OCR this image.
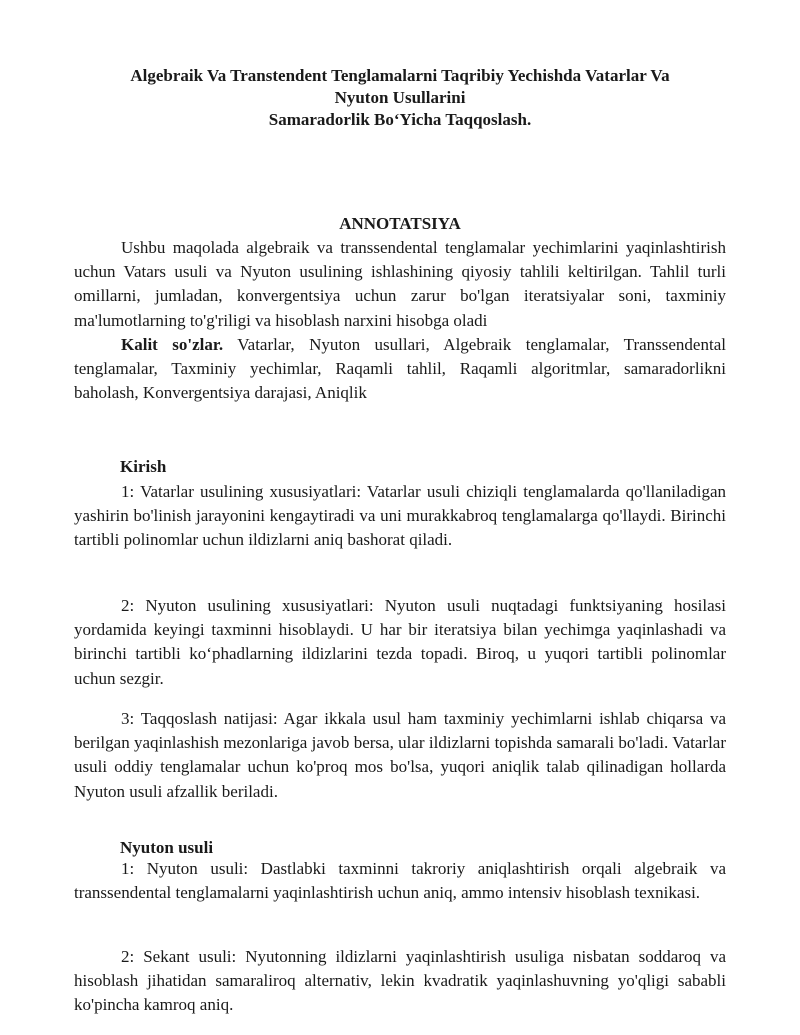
Algebraik Va Transtendent Tenglamalarni Taqribiy Yechishda Vatarlar Va
Nyuton Usullarini
Samaradorlik Bo‘Yicha Taqqoslash.
ANNOTATSIYA

Ushbu maqolada algebraik va transsendental tenglamalar yechimlarini yaqinlashtirish uchun Vatars usuli va Nyuton usulining ishlashining qiyosiy tahlili keltirilgan. Tahlil turli omillarni, jumladan, konvergentsiya uchun zarur bo'lgan iteratsiyalar soni, taxminiy ma'lumotlarning to'g'riligi va hisoblash narxini hisobga oladi

Kalit so'zlar. Vatarlar, Nyuton usullari, Algebraik tenglamalar, Transsendental tenglamalar, Taxminiy yechimlar, Raqamli tahlil, Raqamli algoritmlar, samaradorlikni baholash, Konvergentsiya darajasi, Aniqlik

Kirish

1: Vatarlar usulining xususiyatlari: Vatarlar usuli chiziqli tenglamalarda qo'llaniladigan yashirin bo'linish jarayonini kengaytiradi va uni murakkabroq tenglamalarga qo'llaydi. Birinchi tartibli polinomlar uchun ildizlarni aniq bashorat qiladi.

2: Nyuton usulining xususiyatlari: Nyuton usuli nuqtadagi funktsiyaning hosilasi yordamida keyingi taxminni hisoblaydi. U har bir iteratsiya bilan yechimga yaqinlashadi va birinchi tartibli ko‘phadlarning ildizlarini tezda topadi. Biroq, u yuqori tartibli polinomlar uchun sezgir.

3: Taqqoslash natijasi: Agar ikkala usul ham taxminiy yechimlarni ishlab chiqarsa va berilgan yaqinlashish mezonlariga javob bersa, ular ildizlarni topishda samarali bo'ladi. Vatarlar usuli oddiy tenglamalar uchun ko'proq mos bo'lsa, yuqori aniqlik talab qilinadigan hollarda Nyuton usuli afzallik beriladi.

Nyuton usuli

1: Nyuton usuli: Dastlabki taxminni takroriy aniqlashtirish orqali algebraik va transsendental tenglamalarni yaqinlashtirish uchun aniq, ammo intensiv hisoblash texnikasi.

2: Sekant usuli: Nyutonning ildizlarni yaqinlashtirish usuliga nisbatan soddaroq va hisoblash jihatidan samaraliroq alternativ, lekin kvadratik yaqinlashuvning yo'qligi sababli ko'pincha kamroq aniq.
